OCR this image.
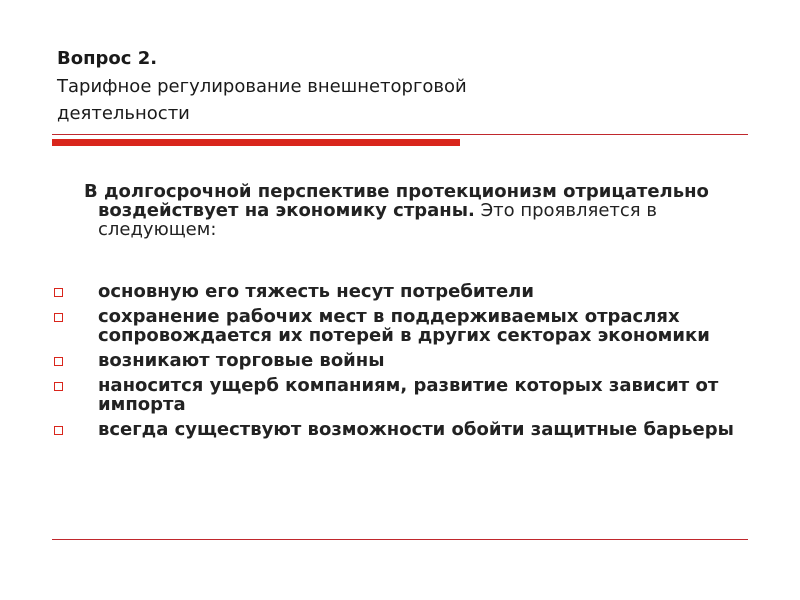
Вопрос 2.
Тарифное регулирование внешнеторговой
деятельности
В долгосрочной перспективе протекционизм отрицательно воздействует на экономику страны. Это проявляется в следующем:
основную его тяжесть несут потребители
сохранение рабочих мест в поддерживаемых отраслях сопровождается их потерей в других секторах экономики
возникают торговые войны
наносится ущерб компаниям, развитие которых зависит от импорта
всегда существуют возможности обойти защитные барьеры
